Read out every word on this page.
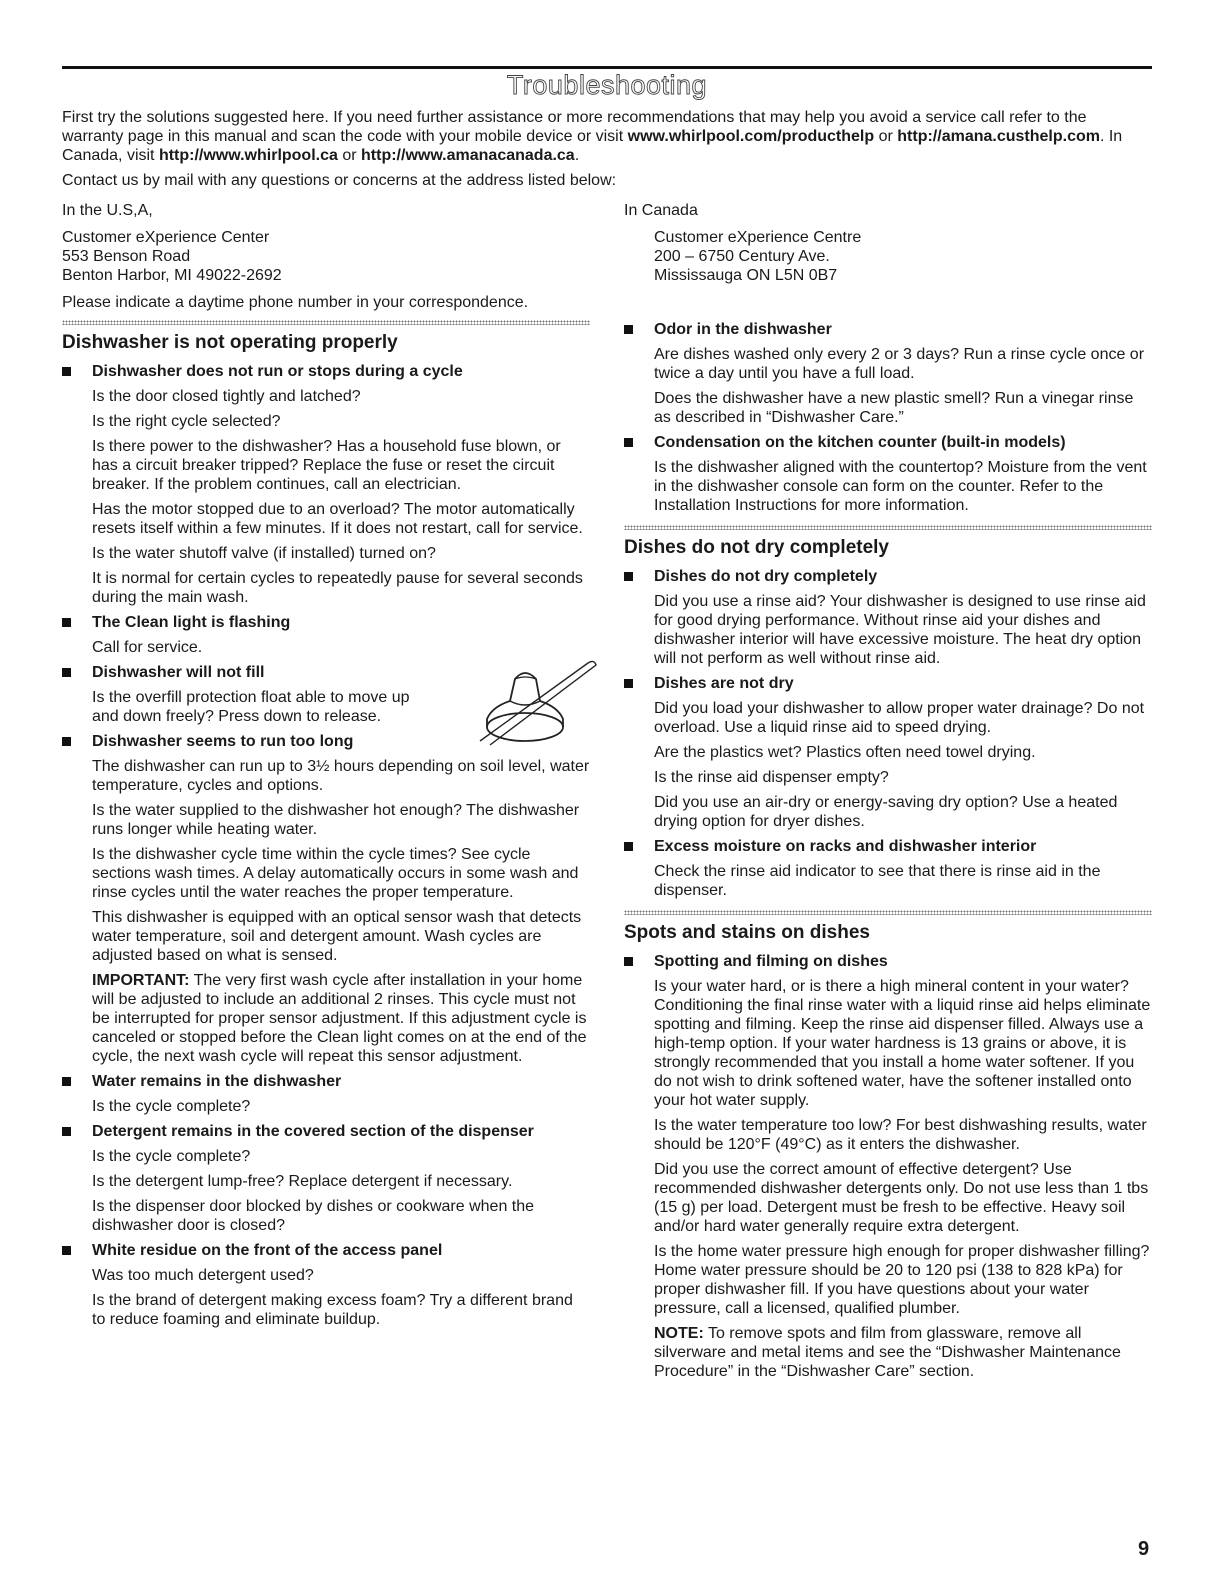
Troubleshooting

First try the solutions suggested here. If you need further assistance or more recommendations that may help you avoid a service call refer to the warranty page in this manual and scan the code with your mobile device or visit www.whirlpool.com/producthelp or http://amana.custhelp.com. In Canada, visit http://www.whirlpool.ca or http://www.amanacanada.ca.

Contact us by mail with any questions or concerns at the address listed below:

In the U.S,A,

Customer eXperience Center

553 Benson Road

Benton Harbor, MI 49022-2692

Please indicate a daytime phone number in your correspondence.

In Canada

Customer eXperience Centre

200 – 6750 Century Ave.

Mississauga ON L5N 0B7

Dishwasher is not operating properly

Dishwasher does not run or stops during a cycle

Is the door closed tightly and latched?

Is the right cycle selected?

Is there power to the dishwasher? Has a household fuse blown, or has a circuit breaker tripped? Replace the fuse or reset the circuit breaker. If the problem continues, call an electrician.

Has the motor stopped due to an overload? The motor automatically resets itself within a few minutes. If it does not restart, call for service.

Is the water shutoff valve (if installed) turned on?

It is normal for certain cycles to repeatedly pause for several seconds during the main wash.

The Clean light is flashing

Call for service.

Dishwasher will not fill

Is the overfill protection float able to move up and down freely? Press down to release.

Dishwasher seems to run too long

The dishwasher can run up to 3½ hours depending on soil level, water temperature, cycles and options.

Is the water supplied to the dishwasher hot enough? The dishwasher runs longer while heating water.

Is the dishwasher cycle time within the cycle times? See cycle sections wash times. A delay automatically occurs in some wash and rinse cycles until the water reaches the proper temperature.

This dishwasher is equipped with an optical sensor wash that detects water temperature, soil and detergent amount. Wash cycles are adjusted based on what is sensed.

IMPORTANT: The very first wash cycle after installation in your home will be adjusted to include an additional 2 rinses. This cycle must not be interrupted for proper sensor adjustment. If this adjustment cycle is canceled or stopped before the Clean light comes on at the end of the cycle, the next wash cycle will repeat this sensor adjustment.

Water remains in the dishwasher

Is the cycle complete?

Detergent remains in the covered section of the dispenser

Is the cycle complete?

Is the detergent lump-free? Replace detergent if necessary.

Is the dispenser door blocked by dishes or cookware when the dishwasher door is closed?

White residue on the front of the access panel

Was too much detergent used?

Is the brand of detergent making excess foam? Try a different brand to reduce foaming and eliminate buildup.

Odor in the dishwasher

Are dishes washed only every 2 or 3 days? Run a rinse cycle once or twice a day until you have a full load.

Does the dishwasher have a new plastic smell? Run a vinegar rinse as described in “Dishwasher Care.”

Condensation on the kitchen counter (built-in models)

Is the dishwasher aligned with the countertop? Moisture from the vent in the dishwasher console can form on the counter. Refer to the Installation Instructions for more information.

Dishes do not dry completely

Dishes do not dry completely

Did you use a rinse aid? Your dishwasher is designed to use rinse aid for good drying performance. Without rinse aid your dishes and dishwasher interior will have excessive moisture. The heat dry option will not perform as well without rinse aid.

Dishes are not dry

Did you load your dishwasher to allow proper water drainage? Do not overload. Use a liquid rinse aid to speed drying.

Are the plastics wet? Plastics often need towel drying.

Is the rinse aid dispenser empty?

Did you use an air-dry or energy-saving dry option? Use a heated drying option for dryer dishes.

Excess moisture on racks and dishwasher interior

Check the rinse aid indicator to see that there is rinse aid in the dispenser.

Spots and stains on dishes

Spotting and filming on dishes

Is your water hard, or is there a high mineral content in your water? Conditioning the final rinse water with a liquid rinse aid helps eliminate spotting and filming. Keep the rinse aid dispenser filled. Always use a high-temp option. If your water hardness is 13 grains or above, it is strongly recommended that you install a home water softener. If you do not wish to drink softened water, have the softener installed onto your hot water supply.

Is the water temperature too low? For best dishwashing results, water should be 120°F (49°C) as it enters the dishwasher.

Did you use the correct amount of effective detergent? Use recommended dishwasher detergents only. Do not use less than 1 tbs (15 g) per load. Detergent must be fresh to be effective. Heavy soil and/or hard water generally require extra detergent.

Is the home water pressure high enough for proper dishwasher filling? Home water pressure should be 20 to 120 psi (138 to 828 kPa) for proper dishwasher fill. If you have questions about your water pressure, call a licensed, qualified plumber.

NOTE: To remove spots and film from glassware, remove all silverware and metal items and see the “Dishwasher Maintenance Procedure” in the “Dishwasher Care” section.

9
